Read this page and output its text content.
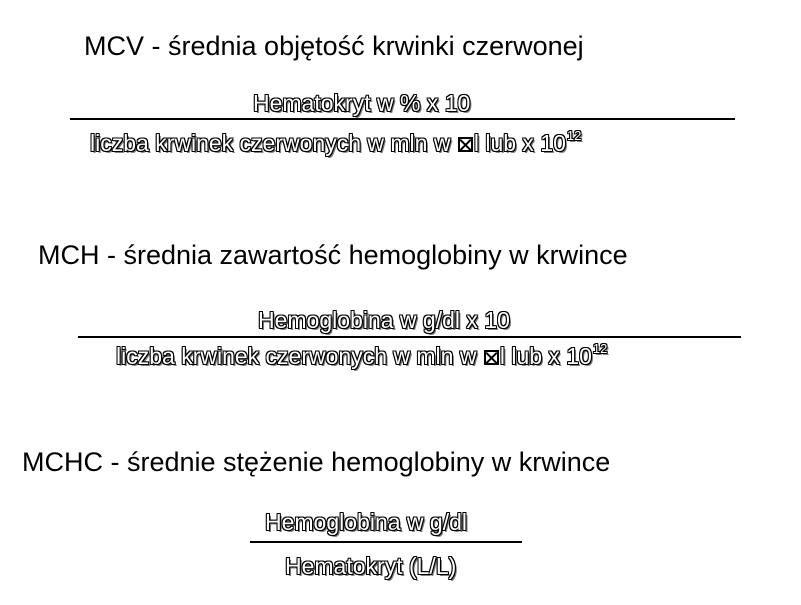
MCV - średnia objętość krwinki czerwonej
Hematokryt w % x 10
liczba krwinek czerwonych w mln w l lub x $10^{12}$
MCH - średnia zawartość hemoglobiny w krwince
Hemoglobina w g/dl x 10
liczba krwinek czerwonych w mln w l lub x $10^{12}$
MCHC - średnie stężenie hemoglobiny w krwince
Hemoglobina w g/dl
Hematokryt (L/L)
